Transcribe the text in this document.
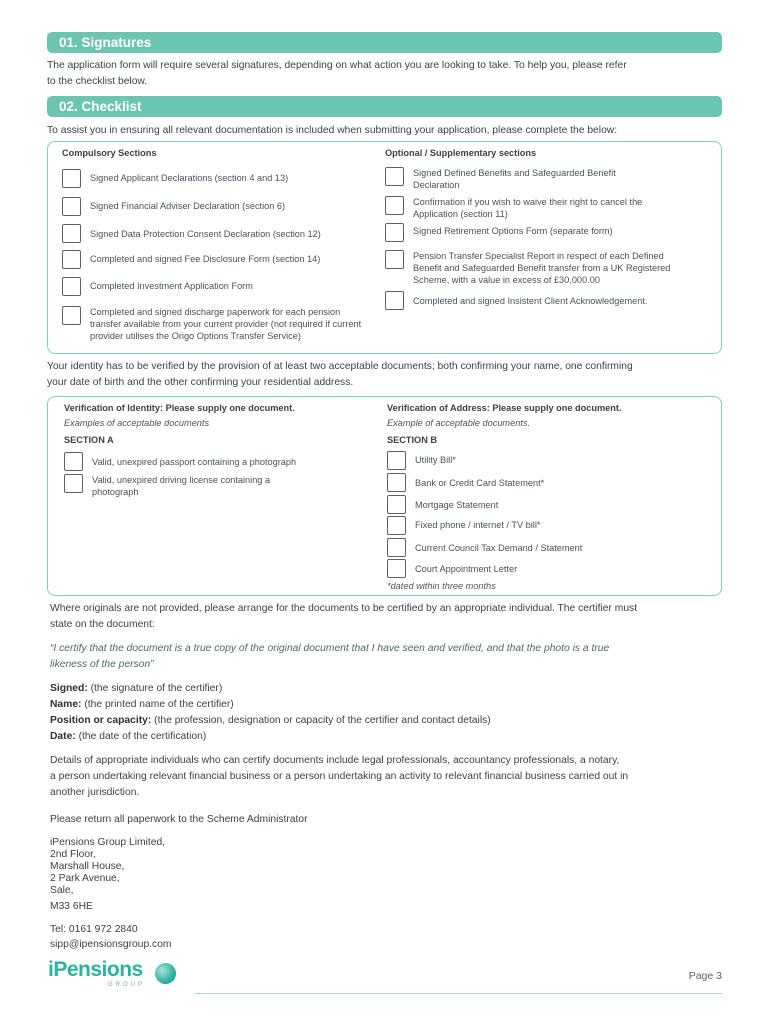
01. Signatures
The application form will require several signatures, depending on what action you are looking to take. To help you, please refer
to the checklist below.
02. Checklist
To assist you in ensuring all relevant documentation is included when submitting your application, please complete the below:
Compulsory Sections	Optional / Supplementary sections
Signed Applicant Declarations (section 4 and 13)
Signed Financial Adviser Declaration (section 6)
Signed Data Protection Consent Declaration (section 12)
Completed and signed Fee Disclosure Form (section 14)
Completed Investment Application Form
Completed and signed discharge paperwork for each pension transfer available from your current provider (not required if current provider utilises the Origo Options Transfer Service)
Signed Defined Benefits and Safeguarded Benefit Declaration
Confirmation if you wish to waive their right to cancel the Application (section 11)
Signed Retirement Options Form (separate form)
Pension Transfer Specialist Report in respect of each Defined Benefit and Safeguarded Benefit transfer from a UK Registered Scheme, with a value in excess of £30,000.00
Completed and signed Insistent Client Acknowledgement.
Your identity has to be verified by the provision of at least two acceptable documents; both confirming your name, one confirming
your date of birth and the other confirming your residential address.
Verification of Identity: Please supply one document.
Examples of acceptable documents
SECTION A
Valid, unexpired passport containing a photograph
Valid, unexpired driving license containing a photograph
Verification of Address: Please supply one document.
Example of acceptable documents.
SECTION B
Utility Bill*
Bank or Credit Card Statement*
Mortgage Statement
Fixed phone / internet / TV bill*
Current Council Tax Demand / Statement
Court Appointment Letter
*dated within three months
Where originals are not provided, please arrange for the documents to be certified by an appropriate individual. The certifier must
state on the document:
“I certify that the document is a true copy of the original document that I have seen and verified, and that the photo is a true
likeness of the person”
Signed: (the signature of the certifier)
Name: (the printed name of the certifier)
Position or capacity: (the profession, designation or capacity of the certifier and contact details)
Date: (the date of the certification)
Details of appropriate individuals who can certify documents include legal professionals, accountancy professionals, a notary,
a person undertaking relevant financial business or a person undertaking an activity to relevant financial business carried out in
another jurisdiction.
Please return all paperwork to the Scheme Administrator
iPensions Group Limited,
2nd Floor,
Marshall House,
2 Park Avenue,
Sale,
M33 6HE
Tel: 0161 972 2840
sipp@ipensionsgroup.com
iPensions
GROUP
Page 3
